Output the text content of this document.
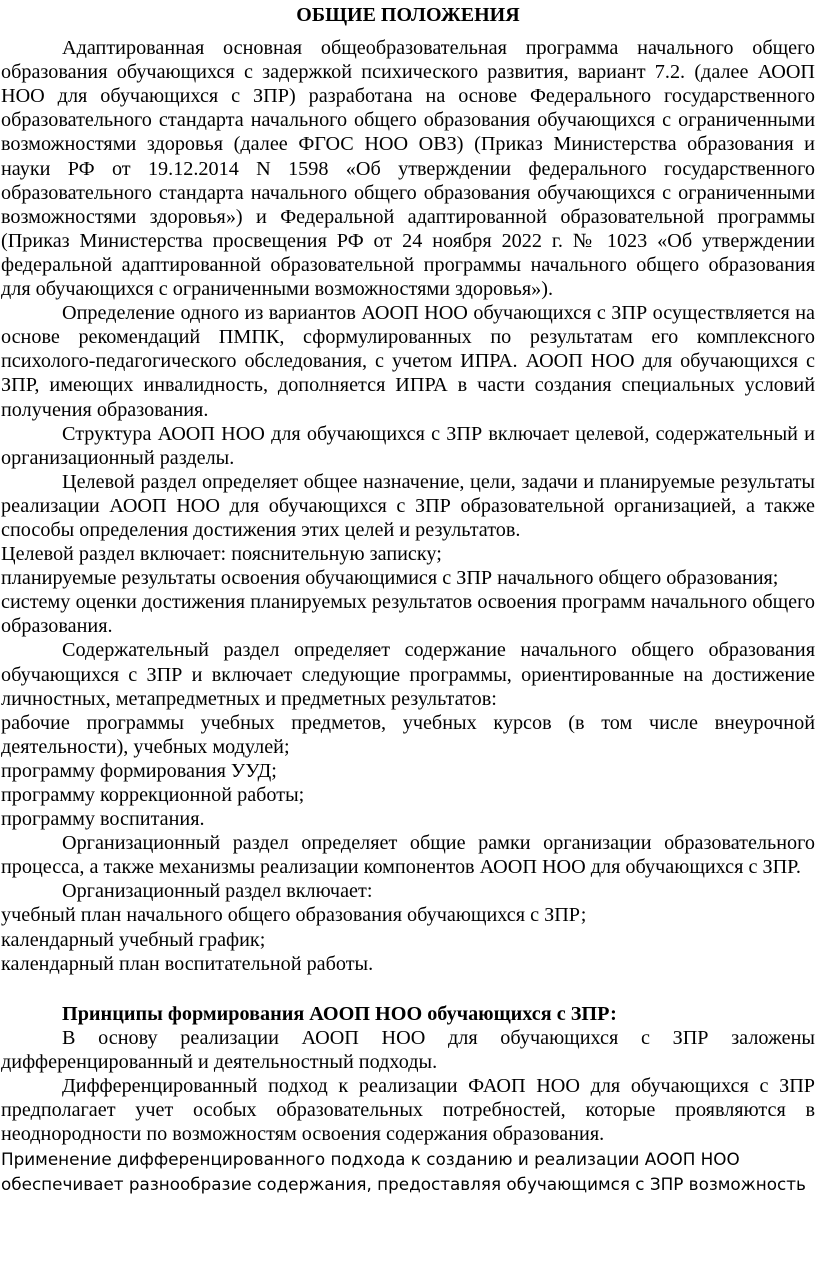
ОБЩИЕ ПОЛОЖЕНИЯ

Адаптированная основная общеобразовательная программа начального общего образования обучающихся с задержкой психического развития, вариант 7.2. (далее АООП НОО для обучающихся с ЗПР) разработана на основе Федерального государственного образовательного стандарта начального общего образования обучающихся с ограниченными возможностями здоровья (далее ФГОС НОО ОВЗ) (Приказ Министерства образования и науки РФ от 19.12.2014 N 1598 «Об утверждении федерального государственного образовательного стандарта начального общего образования обучающихся с ограниченными возможностями здоровья») и Федеральной адаптированной образовательной программы (Приказ Министерства просвещения РФ от 24 ноября 2022 г. № 1023 «Об утверждении федеральной адаптированной образовательной программы начального общего образования для обучающихся с ограниченными возможностями здоровья»).

Определение одного из вариантов АООП НОО обучающихся с ЗПР осуществляется на основе рекомендаций ПМПК, сформулированных по результатам его комплексного психолого-педагогического обследования, с учетом ИПРА. АООП НОО для обучающихся с ЗПР, имеющих инвалидность, дополняется ИПРА в части создания специальных условий получения образования.

Структура АООП НОО для обучающихся с ЗПР включает целевой, содержательный и организационный разделы.

Целевой раздел определяет общее назначение, цели, задачи и планируемые результаты реализации АООП НОО для обучающихся с ЗПР образовательной организацией, а также способы определения достижения этих целей и результатов.

Целевой раздел включает: пояснительную записку;

планируемые результаты освоения обучающимися с ЗПР начального общего образования;

систему оценки достижения планируемых результатов освоения программ начального общего образования.

Содержательный раздел определяет содержание начального общего образования обучающихся с ЗПР и включает следующие программы, ориентированные на достижение личностных, метапредметных и предметных результатов:

рабочие программы учебных предметов, учебных курсов (в том числе внеурочной деятельности), учебных модулей;

программу формирования УУД;

программу коррекционной работы;

программу воспитания.

Организационный раздел определяет общие рамки организации образовательного процесса, а также механизмы реализации компонентов АООП НОО для обучающихся с ЗПР.

Организационный раздел включает:

учебный план начального общего образования обучающихся с ЗПР;

календарный учебный график;

календарный план воспитательной работы.

Принципы формирования АООП НОО обучающихся с ЗПР:

В основу реализации АООП НОО для обучающихся с ЗПР заложены дифференцированный и деятельностный подходы.

Дифференцированный подход к реализации ФАОП НОО для обучающихся с ЗПР предполагает учет особых образовательных потребностей, которые проявляются в неоднородности по возможностям освоения содержания образования.

Применение дифференцированного подхода к созданию и реализации АООП НОО обеспечивает разнообразие содержания, предоставляя обучающимся с ЗПР возможность
